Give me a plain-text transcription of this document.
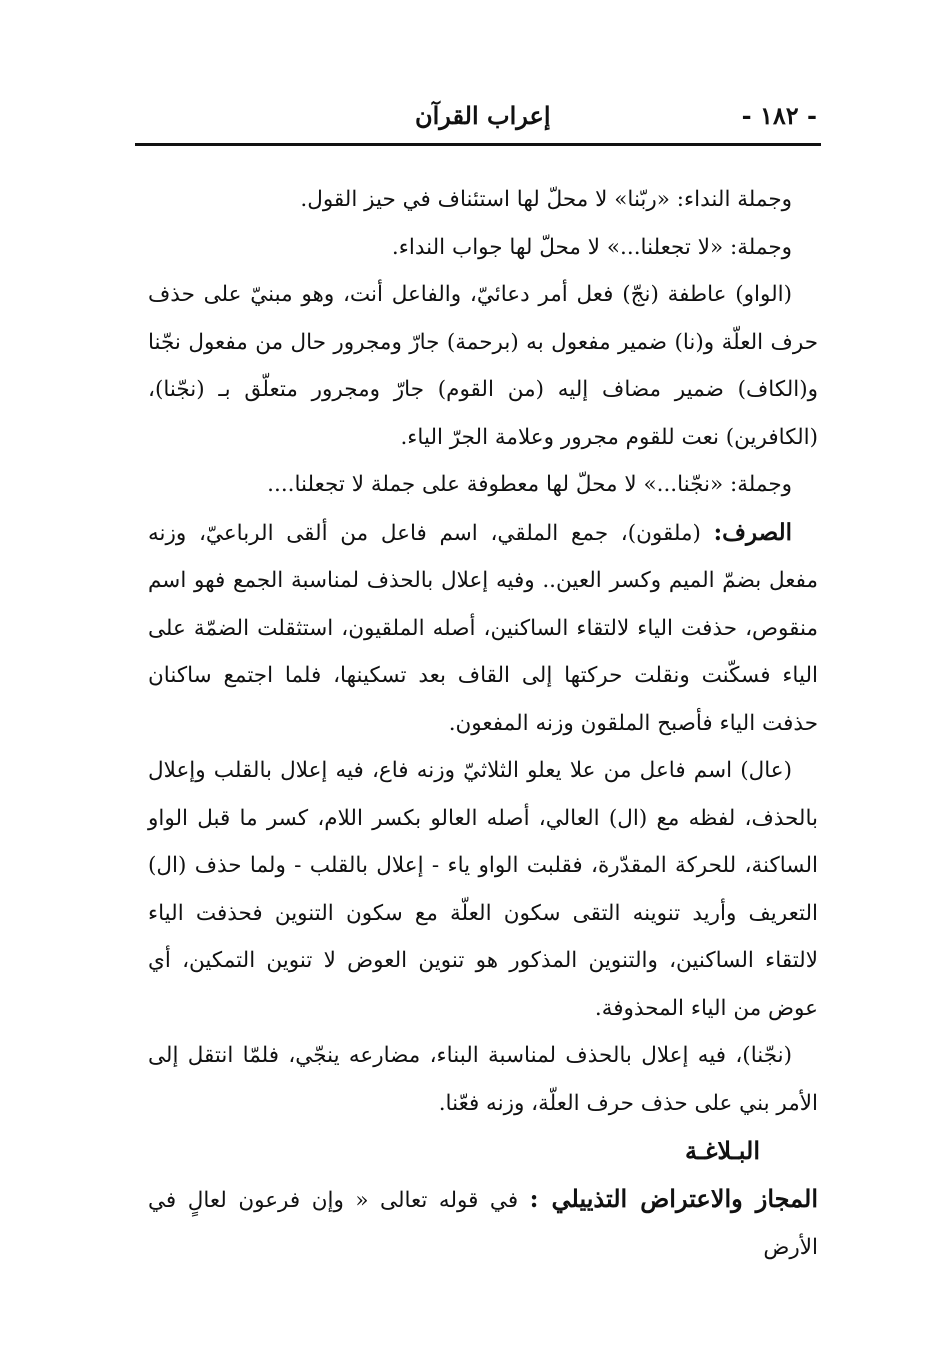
- ١٨٢ -
إعراب القرآن

وجملة النداء: «ربّنا» لا محلّ لها استئناف في حيز القول.

وجملة: «لا تجعلنا...» لا محلّ لها جواب النداء.

(الواو) عاطفة (نجّ) فعل أمر دعائيّ، والفاعل أنت، وهو مبنيّ على حذف حرف العلّة و(نا) ضمير مفعول به (برحمة) جارّ ومجرور حال من مفعول نجّنا و(الكاف) ضمير مضاف إليه (من القوم) جارّ ومجرور متعلّق بـ (نجّنا)، (الكافرين) نعت للقوم مجرور وعلامة الجرّ الياء.

وجملة: «نجّنا...» لا محلّ لها معطوفة على جملة لا تجعلنا....

الصرف: (ملقون)، جمع الملقي، اسم فاعل من ألقى الرباعيّ، وزنه مفعل بضمّ الميم وكسر العين.. وفيه إعلال بالحذف لمناسبة الجمع فهو اسم منقوص، حذفت الياء لالتقاء الساكنين، أصله الملقيون، استثقلت الضمّة على الياء فسكّنت ونقلت حركتها إلى القاف بعد تسكينها، فلما اجتمع ساكنان حذفت الياء فأصبح الملقون وزنه المفعون.

(عال) اسم فاعل من علا يعلو الثلاثيّ وزنه فاع، فيه إعلال بالقلب وإعلال بالحذف، لفظه مع (ال) العالي، أصله العالو بكسر اللام، كسر ما قبل الواو الساكنة، للحركة المقدّرة، فقلبت الواو ياء - إعلال بالقلب - ولما حذف (ال) التعريف وأريد تنوينه التقى سكون العلّة مع سكون التنوين فحذفت الياء لالتقاء الساكنين، والتنوين المذكور هو تنوين العوض لا تنوين التمكين، أي عوض من الياء المحذوفة.

(نجّنا)، فيه إعلال بالحذف لمناسبة البناء، مضارعه ينجّي، فلمّا انتقل إلى الأمر بني على حذف حرف العلّة، وزنه فعّنا.

البـلاغـة

المجاز والاعتراض التذييلي : في قوله تعالى « وإن فرعون لعالٍ في الأرض
